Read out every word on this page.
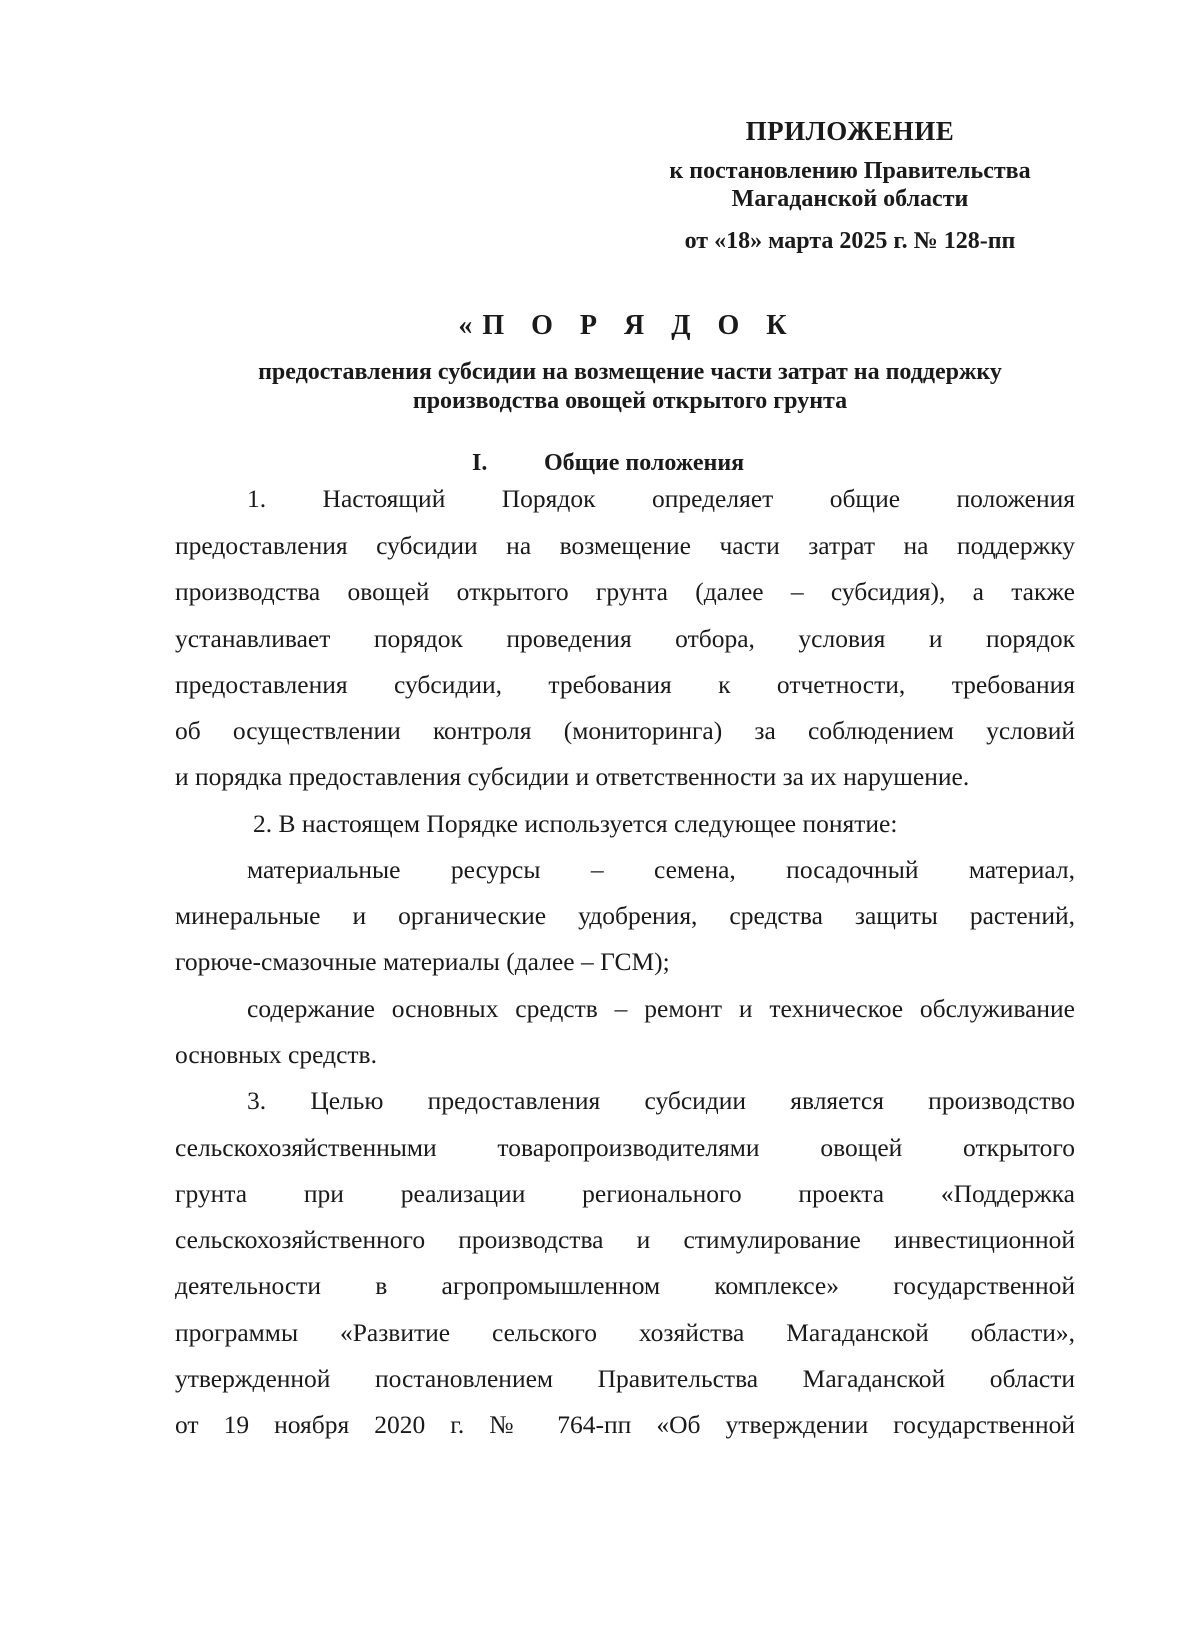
ПРИЛОЖЕНИЕ
к постановлению Правительства
Магаданской области
от «18» марта 2025 г. № 128-пп
«П О Р Я Д О К
предоставления субсидии на возмещение части затрат на поддержку
производства овощей открытого грунта
I. Общие положения
1. Настоящий Порядок определяет общие положения
предоставления субсидии на возмещение части затрат на поддержку
производства овощей открытого грунта (далее – субсидия), а также
устанавливает порядок проведения отбора, условия и порядок
предоставления субсидии, требования к отчетности, требования
об осуществлении контроля (мониторинга) за соблюдением условий
и порядка предоставления субсидии и ответственности за их нарушение.
2. В настоящем Порядке используется следующее понятие:
материальные ресурсы – семена, посадочный материал,
минеральные и органические удобрения, средства защиты растений,
горюче-смазочные материалы (далее – ГСМ);
содержание основных средств – ремонт и техническое обслуживание
основных средств.
3. Целью предоставления субсидии является производство
сельскохозяйственными товаропроизводителями овощей открытого
грунта при реализации регионального проекта «Поддержка
сельскохозяйственного производства и стимулирование инвестиционной
деятельности в агропромышленном комплексе» государственной
программы «Развитие сельского хозяйства Магаданской области»,
утвержденной постановлением Правительства Магаданской области
от 19 ноября 2020 г. № 764-пп «Об утверждении государственной
